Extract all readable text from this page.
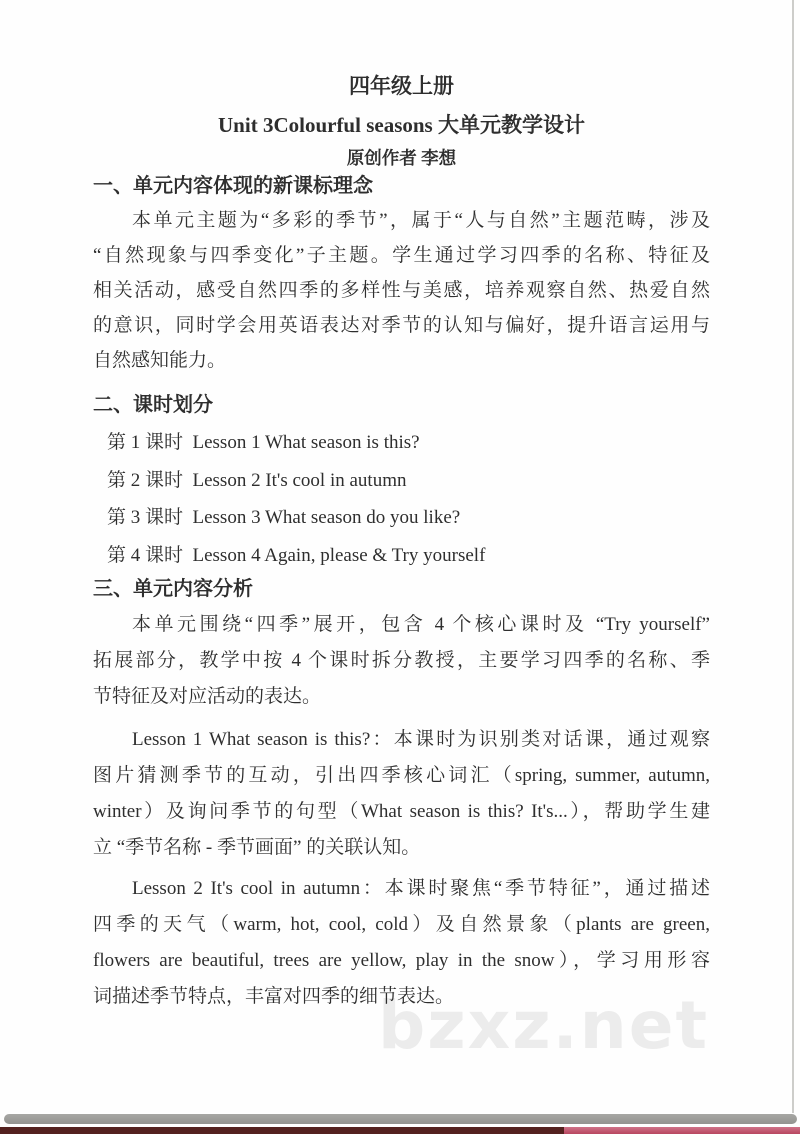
bzxz.net
四年级上册
Unit 3Colourful seasons 大单元教学设计
原创作者 李想
一、单元内容体现的新课标理念
本单元主题为“多彩的季节”，属于“人与自然”主题范畴，涉及
“自然现象与四季变化”子主题。学生通过学习四季的名称、特征及
相关活动，感受自然四季的多样性与美感，培养观察自然、热爱自然
的意识，同时学会用英语表达对季节的认知与偏好，提升语言运用与
自然感知能力。
二、课时划分
第 1 课时  Lesson 1 What season is this?
第 2 课时  Lesson 2 It's cool in autumn
第 3 课时  Lesson 3 What season do you like?
第 4 课时  Lesson 4 Again, please & Try yourself
三、单元内容分析
本单元围绕“四季”展开，包含 4 个核心课时及 “Try yourself”
拓展部分，教学中按 4 个课时拆分教授，主要学习四季的名称、季
节特征及对应活动的表达。
Lesson 1 What season is this?：本课时为识别类对话课，通过观察
图片猜测季节的互动，引出四季核心词汇（spring, summer, autumn,
winter）及询问季节的句型（What season is this? It's...），帮助学生建
立 “季节名称 - 季节画面” 的关联认知。
Lesson 2 It's cool in autumn：本课时聚焦“季节特征”，通过描述
四季的天气（warm, hot, cool, cold）及自然景象（plants are green,
flowers are beautiful, trees are yellow, play in the snow），学习用形容
词描述季节特点，丰富对四季的细节表达。
